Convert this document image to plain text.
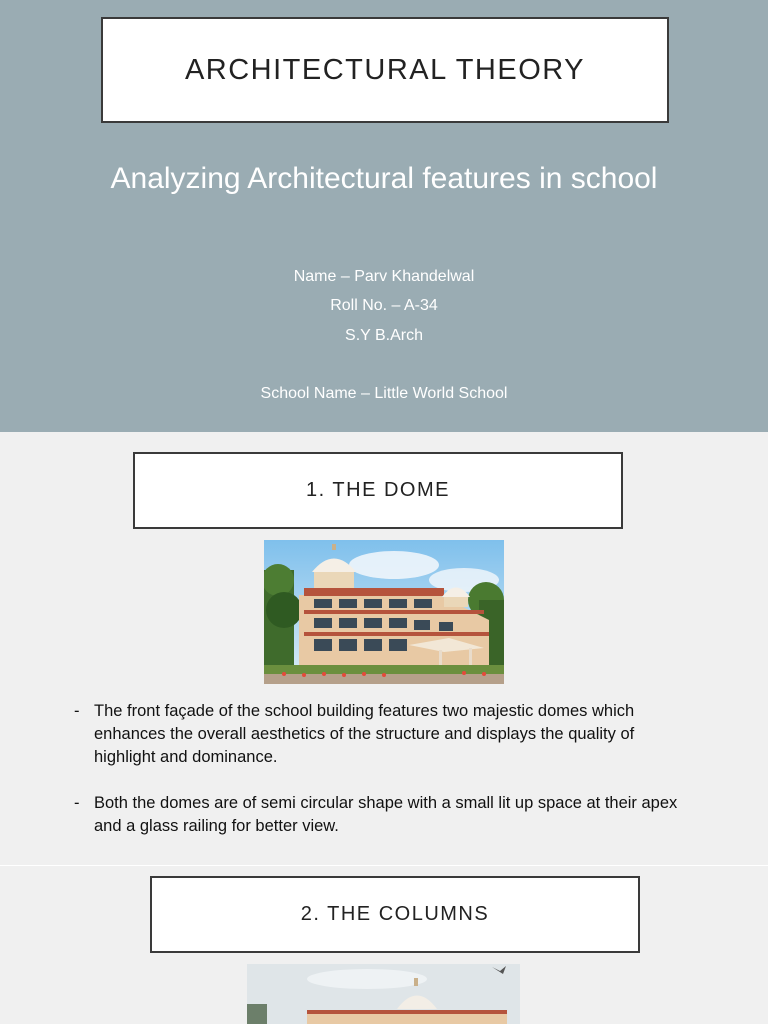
ARCHITECTURAL THEORY
Analyzing Architectural features in school
Name – Parv Khandelwal
Roll No. – A-34
S.Y B.Arch
School Name – Little World School
1. THE DOME
- The front façade of the school building features two majestic domes which enhances the overall aesthetics of the structure and displays the quality of highlight and dominance.
- Both the domes are of semi circular shape with a small lit up space at their apex and a glass railing for better view.
2. THE COLUMNS
